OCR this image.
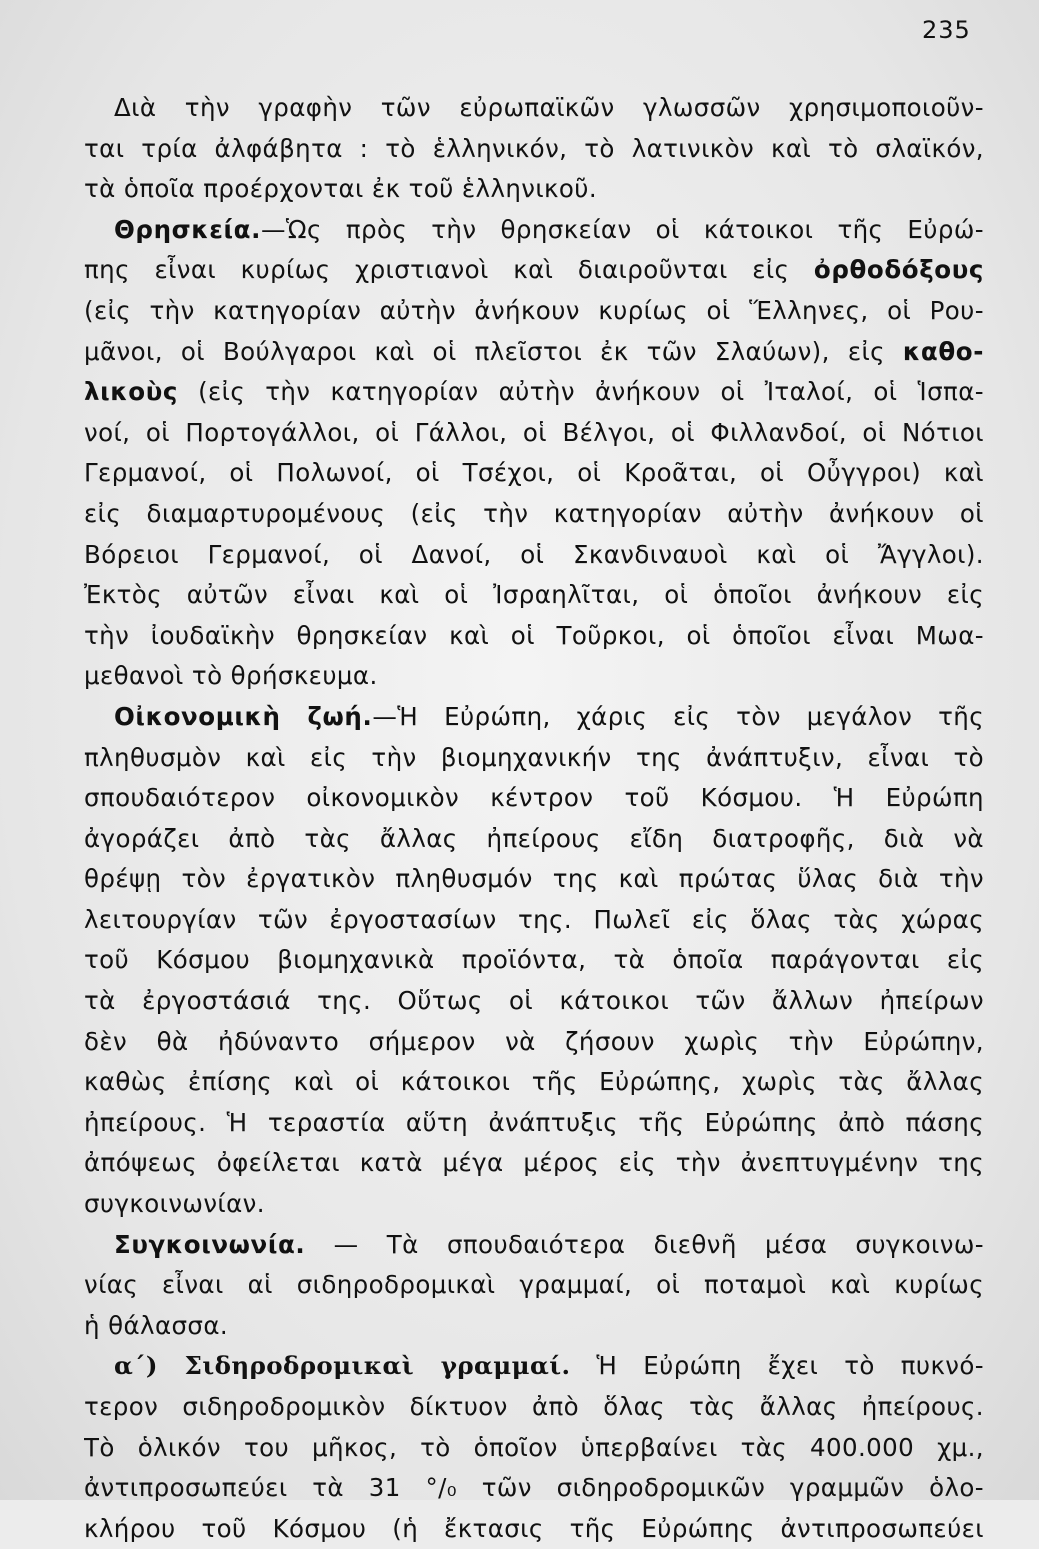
235
Διὰ τὴν γραφὴν τῶν εὐρωπαϊκῶν γλωσσῶν χρησιμοποιοῦν-
ται τρία ἀλφάβητα : τὸ ἑλληνικόν, τὸ λατινικὸν καὶ τὸ σλαϊκόν,
τὰ ὁποῖα προέρχονται ἐκ τοῦ ἑλληνικοῦ.
Θρησκεία.—Ὡς πρὸς τὴν θρησκείαν οἱ κάτοικοι τῆς Εὐρώ-
πης εἶναι κυρίως χριστιανοὶ καὶ διαιροῦνται εἰς ὀρθοδόξους
(εἰς τὴν κατηγορίαν αὐτὴν ἀνήκουν κυρίως οἱ Ἕλληνες, οἱ Ρου-
μᾶνοι, οἱ Βούλγαροι καὶ οἱ πλεῖστοι ἐκ τῶν Σλαύων), εἰς καθο-
λικοὺς (εἰς τὴν κατηγορίαν αὐτὴν ἀνήκουν οἱ Ἰταλοί, οἱ Ἱσπα-
νοί, οἱ Πορτογάλλοι, οἱ Γάλλοι, οἱ Βέλγοι, οἱ Φιλλανδοί, οἱ Νότιοι
Γερμανοί, οἱ Πολωνοί, οἱ Τσέχοι, οἱ Κροᾶται, οἱ Οὖγγροι) καὶ
εἰς διαμαρτυρομένους (εἰς τὴν κατηγορίαν αὐτὴν ἀνήκουν οἱ
Βόρειοι Γερμανοί, οἱ Δανοί, οἱ Σκανδιναυοὶ καὶ οἱ Ἄγγλοι).
Ἐκτὸς αὐτῶν εἶναι καὶ οἱ Ἰσραηλῖται, οἱ ὁποῖοι ἀνήκουν εἰς
τὴν ἰουδαϊκὴν θρησκείαν καὶ οἱ Τοῦρκοι, οἱ ὁποῖοι εἶναι Μωα-
μεθανοὶ τὸ θρήσκευμα.
Οἰκονομικὴ ζωή.—Ἡ Εὐρώπη, χάρις εἰς τὸν μεγάλον τῆς
πληθυσμὸν καὶ εἰς τὴν βιομηχανικήν της ἀνάπτυξιν, εἶναι τὸ
σπουδαιότερον οἰκονομικὸν κέντρον τοῦ Κόσμου. Ἡ Εὐρώπη
ἀγοράζει ἀπὸ τὰς ἄλλας ἠπείρους εἴδη διατροφῆς, διὰ νὰ
θρέψῃ τὸν ἐργατικὸν πληθυσμόν της καὶ πρώτας ὕλας διὰ τὴν
λειτουργίαν τῶν ἐργοστασίων της. Πωλεῖ εἰς ὅλας τὰς χώρας
τοῦ Κόσμου βιομηχανικὰ προϊόντα, τὰ ὁποῖα παράγονται εἰς
τὰ ἐργοστάσιά της. Οὕτως οἱ κάτοικοι τῶν ἄλλων ἠπείρων
δὲν θὰ ἠδύναντο σήμερον νὰ ζήσουν χωρὶς τὴν Εὐρώπην,
καθὼς ἐπίσης καὶ οἱ κάτοικοι τῆς Εὐρώπης, χωρὶς τὰς ἄλλας
ἠπείρους. Ἡ τεραστία αὕτη ἀνάπτυξις τῆς Εὐρώπης ἀπὸ πάσης
ἀπόψεως ὀφείλεται κατὰ μέγα μέρος εἰς τὴν ἀνεπτυγμένην της
συγκοινωνίαν.
Συγκοινωνία. — Τὰ σπουδαιότερα διεθνῆ μέσα συγκοινω-
νίας εἶναι αἱ σιδηροδρομικαὶ γραμμαί, οἱ ποταμοὶ καὶ κυρίως
ἡ θάλασσα.
α΄) Σιδηροδρομικαὶ γραμμαί. Ἡ Εὐρώπη ἔχει τὸ πυκνό-
τερον σιδηροδρομικὸν δίκτυον ἀπὸ ὅλας τὰς ἄλλας ἠπείρους.
Τὸ ὁλικόν του μῆκος, τὸ ὁποῖον ὑπερβαίνει τὰς 400.000 χμ.,
ἀντιπροσωπεύει τὰ 31 °/₀ τῶν σιδηροδρομικῶν γραμμῶν ὁλο-
κλήρου τοῦ Κόσμου (ἡ ἔκτασις τῆς Εὐρώπης ἀντιπροσωπεύει
